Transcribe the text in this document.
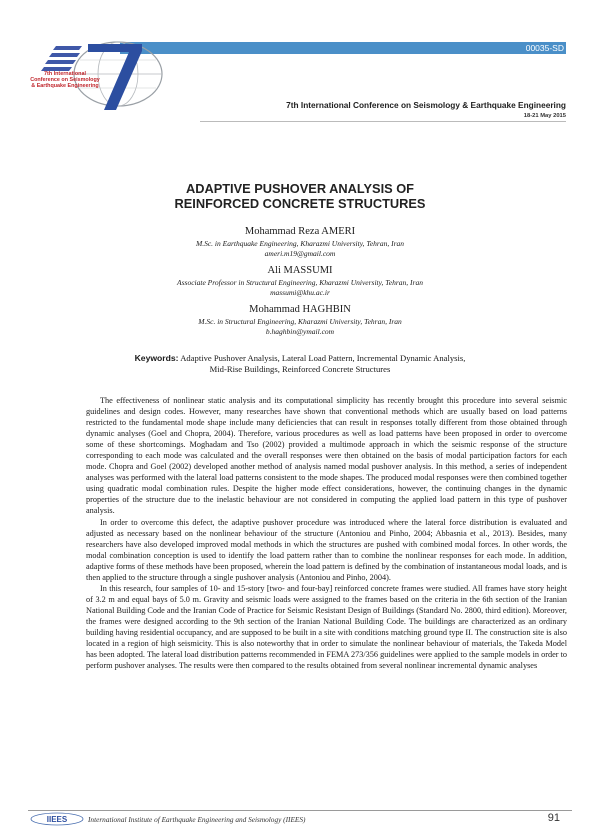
00035-SD
7th International Conference on Seismology & Earthquake Engineering
7th International Conference on Seismology & Earthquake Engineering
18-21 May 2015
ADAPTIVE PUSHOVER ANALYSIS OF
REINFORCED CONCRETE STRUCTURES
Mohammad Reza AMERI
M.Sc. in Earthquake Engineering, Kharazmi University, Tehran, Iran
ameri.m19@gmail.com
Ali MASSUMI
Associate Professor in Structural Engineering, Kharazmi University, Tehran, Iran
massumi@khu.ac.ir
Mohammad HAGHBIN
M.Sc. in Structural Engineering, Kharazmi University, Tehran, Iran
b.haghbin@ymail.com
Keywords: Adaptive Pushover Analysis, Lateral Load Pattern, Incremental Dynamic Analysis,
Mid-Rise Buildings, Reinforced Concrete Structures

The effectiveness of nonlinear static analysis and its computational simplicity has recently brought this procedure into several seismic guidelines and design codes. However, many researches have shown that conventional methods which are usually based on load patterns restricted to the fundamental mode shape include many deficiencies that can result in responses totally different from those obtained through dynamic analyses (Goel and Chopra, 2004). Therefore, various procedures as well as load patterns have been proposed in order to overcome some of these shortcomings. Moghadam and Tso (2002) provided a multimode approach in which the seismic response of the structure corresponding to each mode was calculated and the overall responses were then obtained on the basis of modal participation factors for each mode. Chopra and Goel (2002) developed another method of analysis named modal pushover analysis. In this method, a series of independent analyses was performed with the lateral load patterns consistent to the mode shapes. The produced modal responses were then combined together using quadratic modal combination rules. Despite the higher mode effect considerations, however, the continuing changes in the dynamic properties of the structure due to the inelastic behaviour are not considered in computing the applied load pattern in this type of pushover analysis.

In order to overcome this defect, the adaptive pushover procedure was introduced where the lateral force distribution is evaluated and adjusted as necessary based on the nonlinear behaviour of the structure (Antoniou and Pinho, 2004; Abbasnia et al., 2013). Besides, many researchers have also developed improved modal methods in which the structures are pushed with combined modal forces. In other words, the modal combination conception is used to identify the load pattern rather than to combine the nonlinear responses for each mode. In addition, adaptive forms of these methods have been proposed, wherein the load pattern is defined by the combination of instantaneous modal loads, and is then applied to the structure through a single pushover analysis (Antoniou and Pinho, 2004).

In this research, four samples of 10- and 15-story [two- and four-bay] reinforced concrete frames were studied. All frames have story height of 3.2 m and equal bays of 5.0 m. Gravity and seismic loads were assigned to the frames based on the criteria in the 6th section of the Iranian National Building Code and the Iranian Code of Practice for Seismic Resistant Design of Buildings (Standard No. 2800, third edition). Moreover, the frames were designed according to the 9th section of the Iranian National Building Code. The buildings are characterized as an ordinary building having residential occupancy, and are supposed to be built in a site with conditions matching ground type II. The construction site is also located in a region of high seismicity. This is also noteworthy that in order to simulate the nonlinear behaviour of materials, the Takeda Model has been adopted. The lateral load distribution patterns recommended in FEMA 273/356 guidelines were applied to the sample models in order to perform pushover analyses. The results were then compared to the results obtained from several nonlinear incremental dynamic analyses

IIEES	International Institute of Earthquake Engineering and Seismology (IIEES)	91
